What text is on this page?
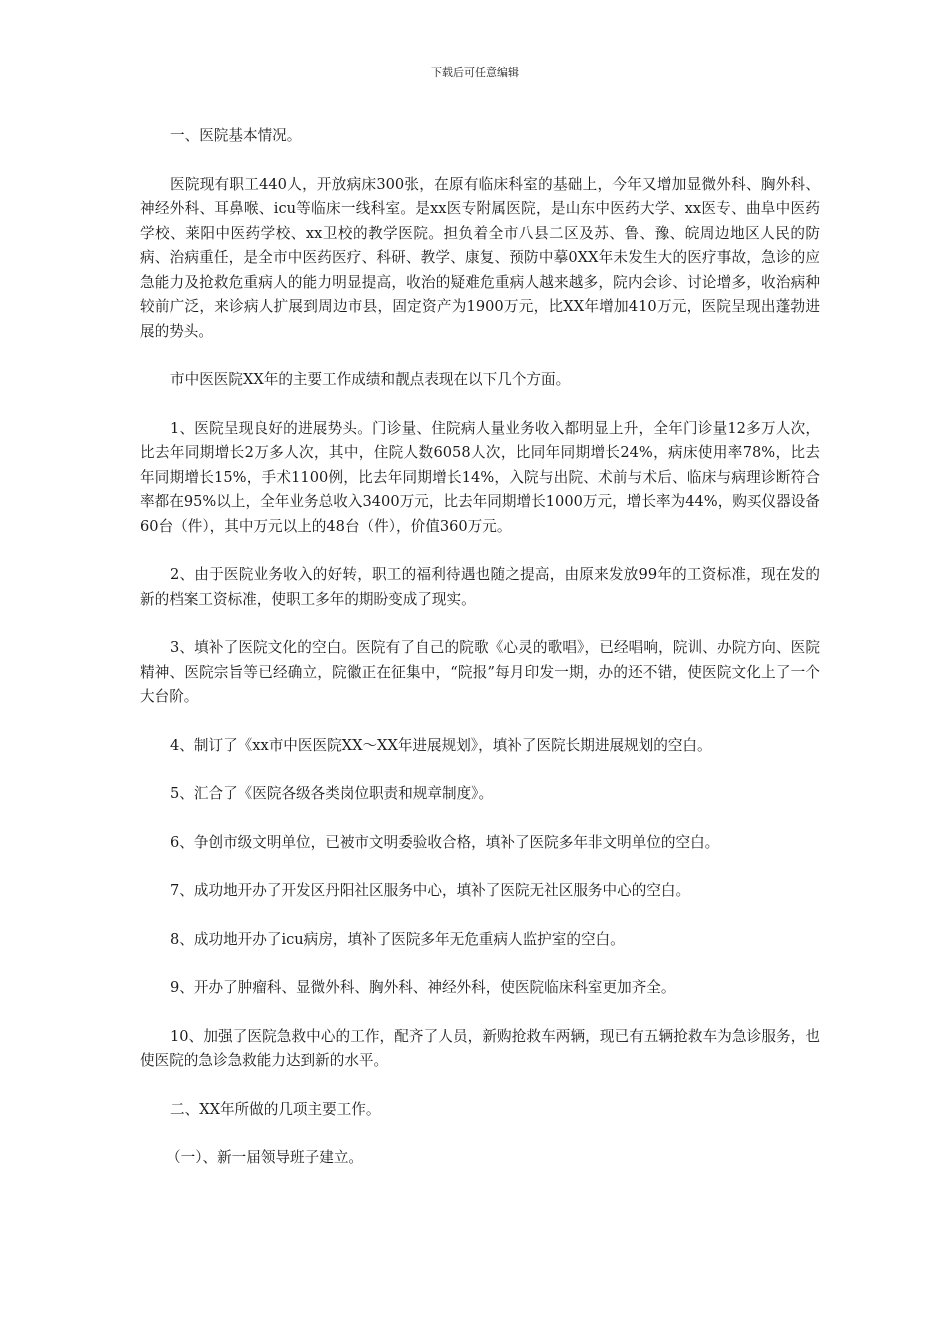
下载后可任意编辑

一、医院基本情况。

医院现有职工440人，开放病床300张，在原有临床科室的基础上，今年又增加显微外科、胸外科、神经外科、耳鼻喉、icu等临床一线科室。是xx医专附属医院，是山东中医药大学、xx医专、曲阜中医药学校、莱阳中医药学校、xx卫校的教学医院。担负着全市八县二区及苏、鲁、豫、皖周边地区人民的防病、治病重任，是全市中医药医疗、科研、教学、康复、预防中摹0XX年未发生大的医疗事故，急诊的应急能力及抢救危重病人的能力明显提高，收治的疑难危重病人越来越多，院内会诊、讨论增多，收治病种较前广泛，来诊病人扩展到周边市县，固定资产为1900万元，比XX年增加410万元，医院呈现出蓬勃进展的势头。

市中医医院XX年的主要工作成绩和靓点表现在以下几个方面。

1、医院呈现良好的进展势头。门诊量、住院病人量业务收入都明显上升，全年门诊量12多万人次，比去年同期增长2万多人次，其中，住院人数6058人次，比同年同期增长24%，病床使用率78%，比去年同期增长15%，手术1100例，比去年同期增长14%，入院与出院、术前与术后、临床与病理诊断符合率都在95%以上，全年业务总收入3400万元，比去年同期增长1000万元，增长率为44%，购买仪器设备60台（件），其中万元以上的48台（件），价值360万元。

2、由于医院业务收入的好转，职工的福利待遇也随之提高，由原来发放99年的工资标准，现在发的新的档案工资标准，使职工多年的期盼变成了现实。

3、填补了医院文化的空白。医院有了自己的院歌《心灵的歌唱》，已经唱响，院训、办院方向、医院精神、医院宗旨等已经确立，院徽正在征集中，“院报”每月印发一期，办的还不错，使医院文化上了一个大台阶。

4、制订了《xx市中医医院XX～XX年进展规划》，填补了医院长期进展规划的空白。

5、汇合了《医院各级各类岗位职责和规章制度》。

6、争创市级文明单位，已被市文明委验收合格，填补了医院多年非文明单位的空白。

7、成功地开办了开发区丹阳社区服务中心，填补了医院无社区服务中心的空白。

8、成功地开办了icu病房，填补了医院多年无危重病人监护室的空白。

9、开办了肿瘤科、显微外科、胸外科、神经外科，使医院临床科室更加齐全。

10、加强了医院急救中心的工作，配齐了人员，新购抢救车两辆，现已有五辆抢救车为急诊服务，也使医院的急诊急救能力达到新的水平。

二、XX年所做的几项主要工作。

（一）、新一届领导班子建立。
